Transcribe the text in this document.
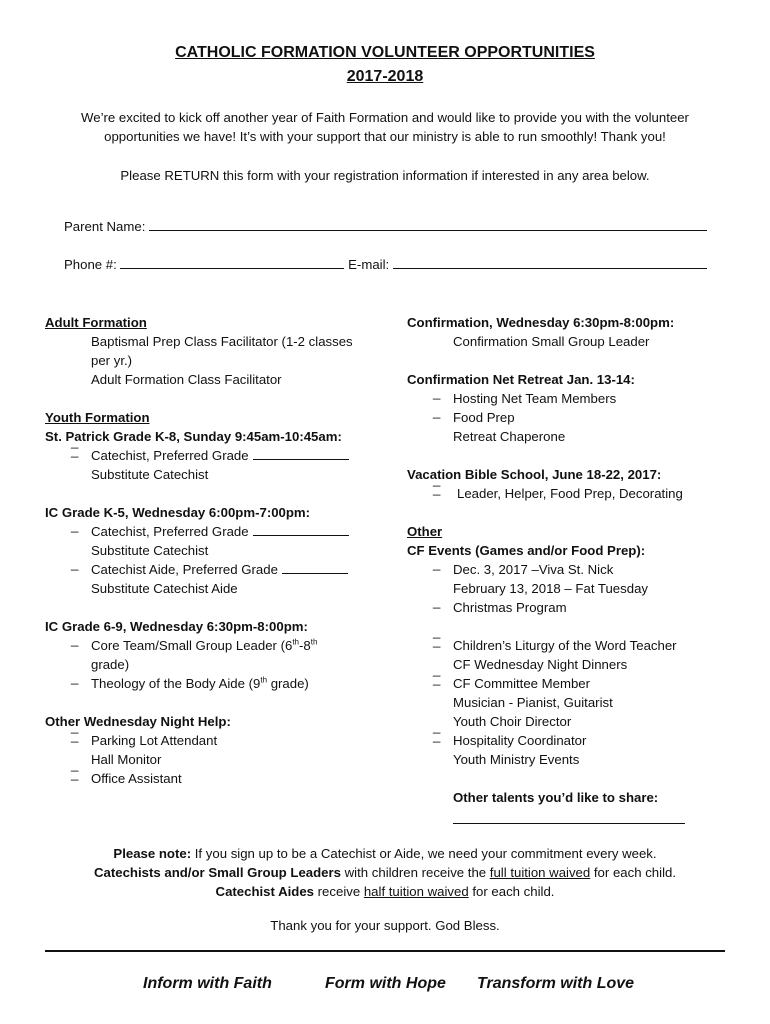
CATHOLIC FORMATION VOLUNTEER OPPORTUNITIES
2017-2018
We’re excited to kick off another year of Faith Formation and would like to provide you with the volunteer
opportunities we have! It’s with your support that our ministry is able to run smoothly! Thank you!
Please RETURN this form with your registration information if interested in any area below.
Parent Name:
Phone #:	E-mail:
Adult Formation
Baptismal Prep Class Facilitator (1-2 classes
per yr.)
Adult Formation Class Facilitator
Youth Formation
St. Patrick Grade K-8, Sunday 9:45am-10:45am:
_ _ Catechist, Preferred Grade
Substitute Catechist
IC Grade K-5, Wednesday 6:00pm-7:00pm:
_ Catechist, Preferred Grade
Substitute Catechist
_ Catechist Aide, Preferred Grade
Substitute Catechist Aide
IC Grade 6-9, Wednesday 6:30pm-8:00pm:
_ Core Team/Small Group Leader (6th-8th
grade)
_ Theology of the Body Aide (9th grade)
Other Wednesday Night Help:
_ _ Parking Lot Attendant
Hall Monitor
_ _ Office Assistant
Confirmation, Wednesday 6:30pm-8:00pm:
Confirmation Small Group Leader
Confirmation Net Retreat Jan. 13-14:
_ Hosting Net Team Members
_ Food Prep
Retreat Chaperone
Vacation Bible School, June 18-22, 2017:
_ _ Leader, Helper, Food Prep, Decorating
Other
CF Events (Games and/or Food Prep):
_ Dec. 3, 2017 –Viva St. Nick
February 13, 2018 – Fat Tuesday
_ Christmas Program
_ _ Children’s Liturgy of the Word Teacher
CF Wednesday Night Dinners
_ _ CF Committee Member
Musician - Pianist, Guitarist
Youth Choir Director
_ _ Hospitality Coordinator
Youth Ministry Events
Other talents you’d like to share:
Please note: If you sign up to be a Catechist or Aide, we need your commitment every week.
Catechists and/or Small Group Leaders with children receive the full tuition waived for each child.
Catechist Aides receive half tuition waived for each child.
Thank you for your support. God Bless.
Inform with Faith	Form with Hope Transform with Love
